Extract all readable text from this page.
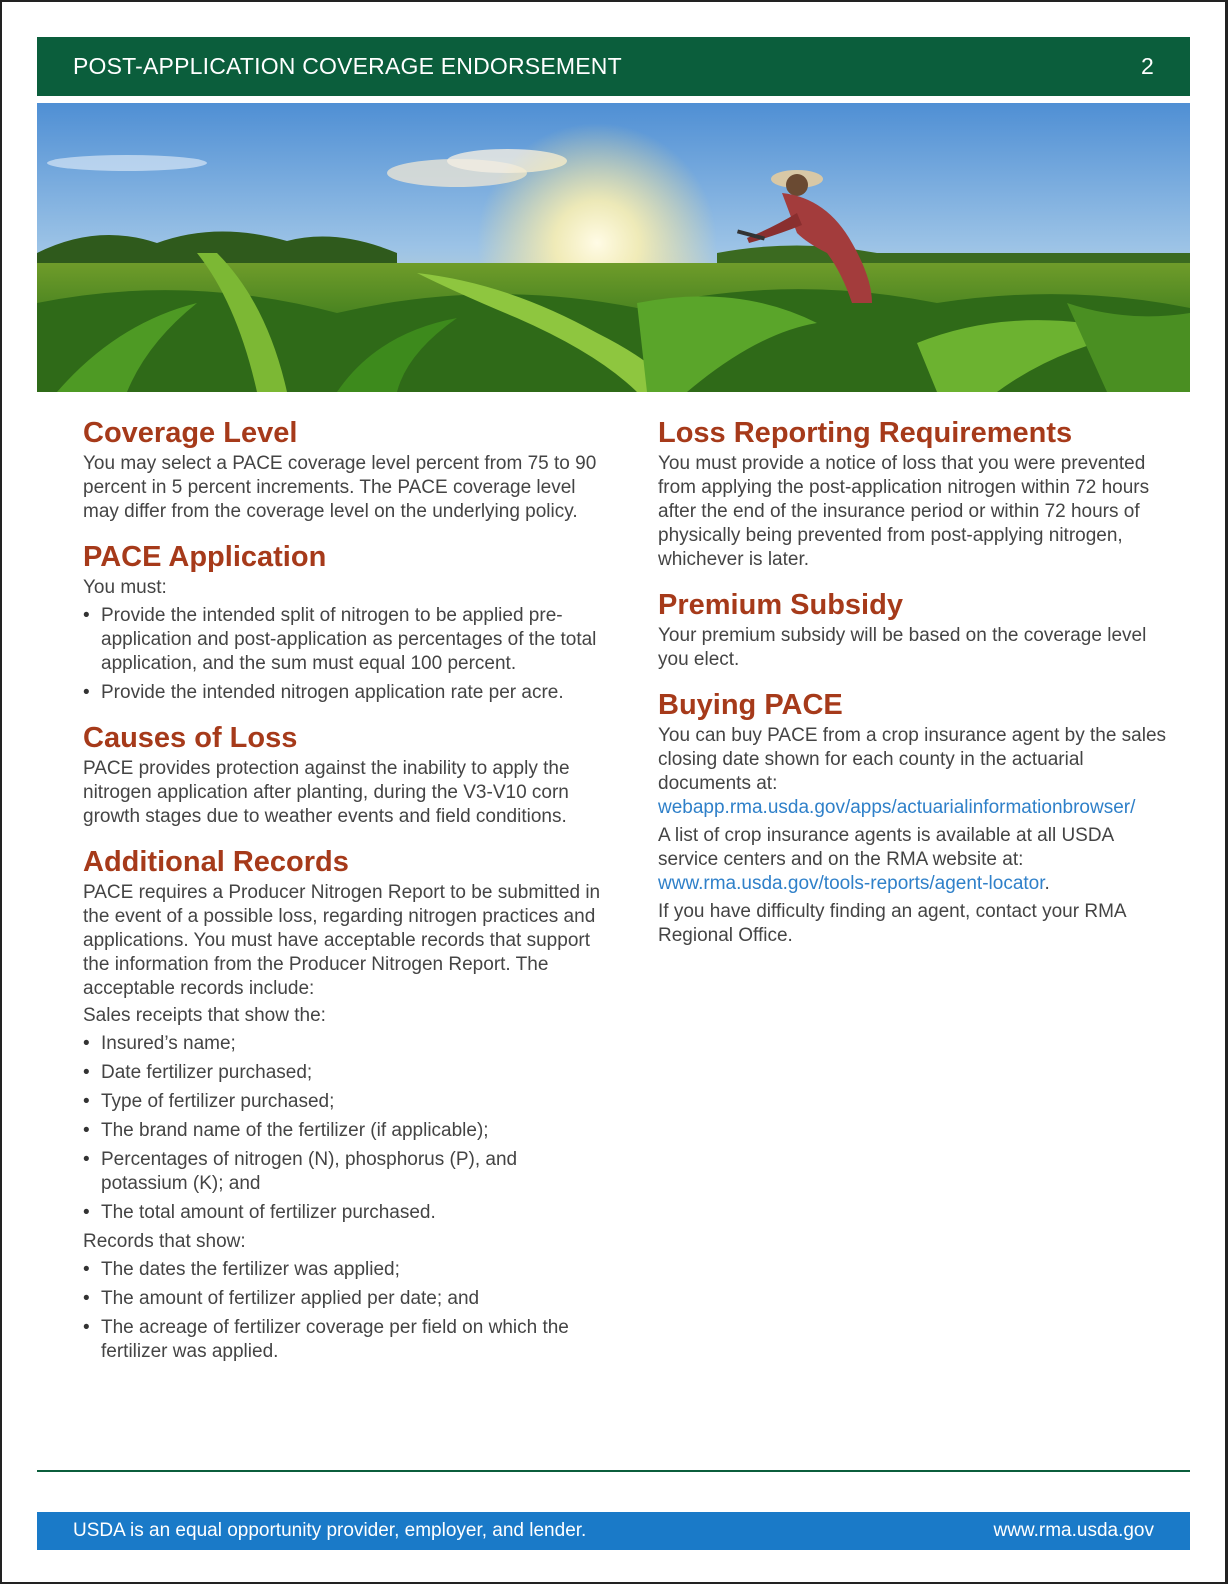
POST-APPLICATION COVERAGE ENDORSEMENT	2
Coverage Level

You may select a PACE coverage level percent from 75 to 90 percent in 5 percent increments. The PACE coverage level may differ from the coverage level on the underlying policy.

PACE Application

You must:

• Provide the intended split of nitrogen to be applied pre- application and post-application as percentages of the total application, and the sum must equal 100 percent.
• Provide the intended nitrogen application rate per acre.
Causes of Loss

PACE provides protection against the inability to apply the nitrogen application after planting, during the V3-V10 corn growth stages due to weather events and field conditions.

Additional Records

PACE requires a Producer Nitrogen Report to be submitted in the event of a possible loss, regarding nitrogen practices and applications. You must have acceptable records that support the information from the Producer Nitrogen Report. The acceptable records include:

Sales receipts that show the:

• Insured’s name;
• Date fertilizer purchased;
• Type of fertilizer purchased;
• The brand name of the fertilizer (if applicable);
• Percentages of nitrogen (N), phosphorus (P), and potassium (K); and
• The total amount of fertilizer purchased.

Records that show:

• The dates the fertilizer was applied;
• The amount of fertilizer applied per date; and
• The acreage of fertilizer coverage per field on which the fertilizer was applied.
Loss Reporting Requirements

You must provide a notice of loss that you were prevented from applying the post-application nitrogen within 72 hours after the end of the insurance period or within 72 hours of physically being prevented from post-applying nitrogen, whichever is later.

Premium Subsidy

Your premium subsidy will be based on the coverage level you elect.

Buying PACE

You can buy PACE from a crop insurance agent by the sales closing date shown for each county in the actuarial documents at: webapp.rma.usda.gov/apps/actuarialinformationbrowser/

A list of crop insurance agents is available at all USDA service centers and on the RMA website at: www.rma.usda.gov/tools-reports/agent-locator.

If you have difficulty finding an agent, contact your RMA Regional Office.

USDA is an equal opportunity provider, employer, and lender.	www.rma.usda.gov
